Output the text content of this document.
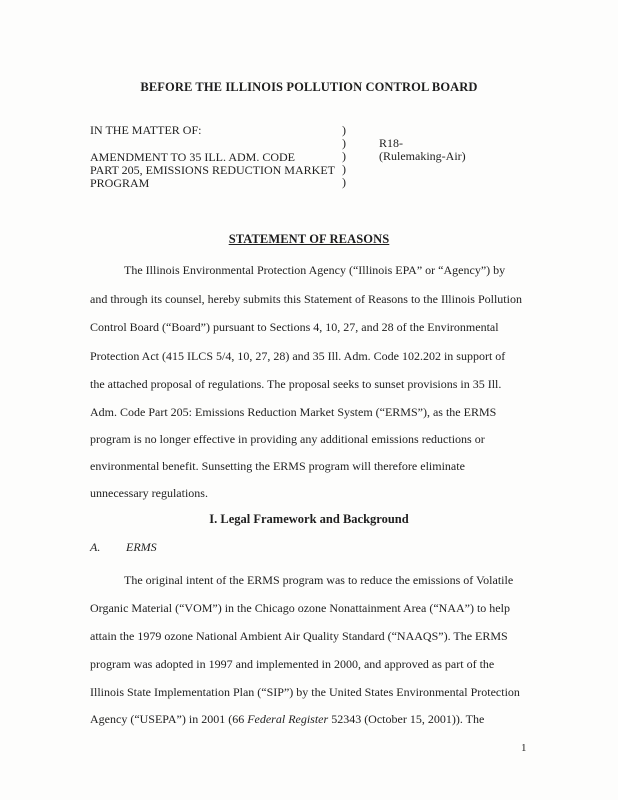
BEFORE THE ILLINOIS POLLUTION CONTROL BOARD
IN THE MATTER OF:
AMENDMENT TO 35 ILL. ADM. CODE
PART 205, EMISSIONS REDUCTION MARKET
PROGRAM
)
)
)
)
)
R18-
(Rulemaking-Air)
STATEMENT OF REASONS
The Illinois Environmental Protection Agency (“Illinois EPA” or “Agency”) by
and through its counsel, hereby submits this Statement of Reasons to the Illinois Pollution
Control Board (“Board”) pursuant to Sections 4, 10, 27, and 28 of the Environmental
Protection Act (415 ILCS 5/4, 10, 27, 28) and 35 Ill. Adm. Code 102.202 in support of
the attached proposal of regulations. The proposal seeks to sunset provisions in 35 Ill.
Adm. Code Part 205: Emissions Reduction Market System (“ERMS”), as the ERMS
program is no longer effective in providing any additional emissions reductions or
environmental benefit. Sunsetting the ERMS program will therefore eliminate
unnecessary regulations.
I. Legal Framework and Background
A. ERMS
The original intent of the ERMS program was to reduce the emissions of Volatile
Organic Material (“VOM”) in the Chicago ozone Nonattainment Area (“NAA”) to help
attain the 1979 ozone National Ambient Air Quality Standard (“NAAQS”). The ERMS
program was adopted in 1997 and implemented in 2000, and approved as part of the
Illinois State Implementation Plan (“SIP”) by the United States Environmental Protection
Agency (“USEPA”) in 2001 (66 Federal Register 52343 (October 15, 2001)). The
1
